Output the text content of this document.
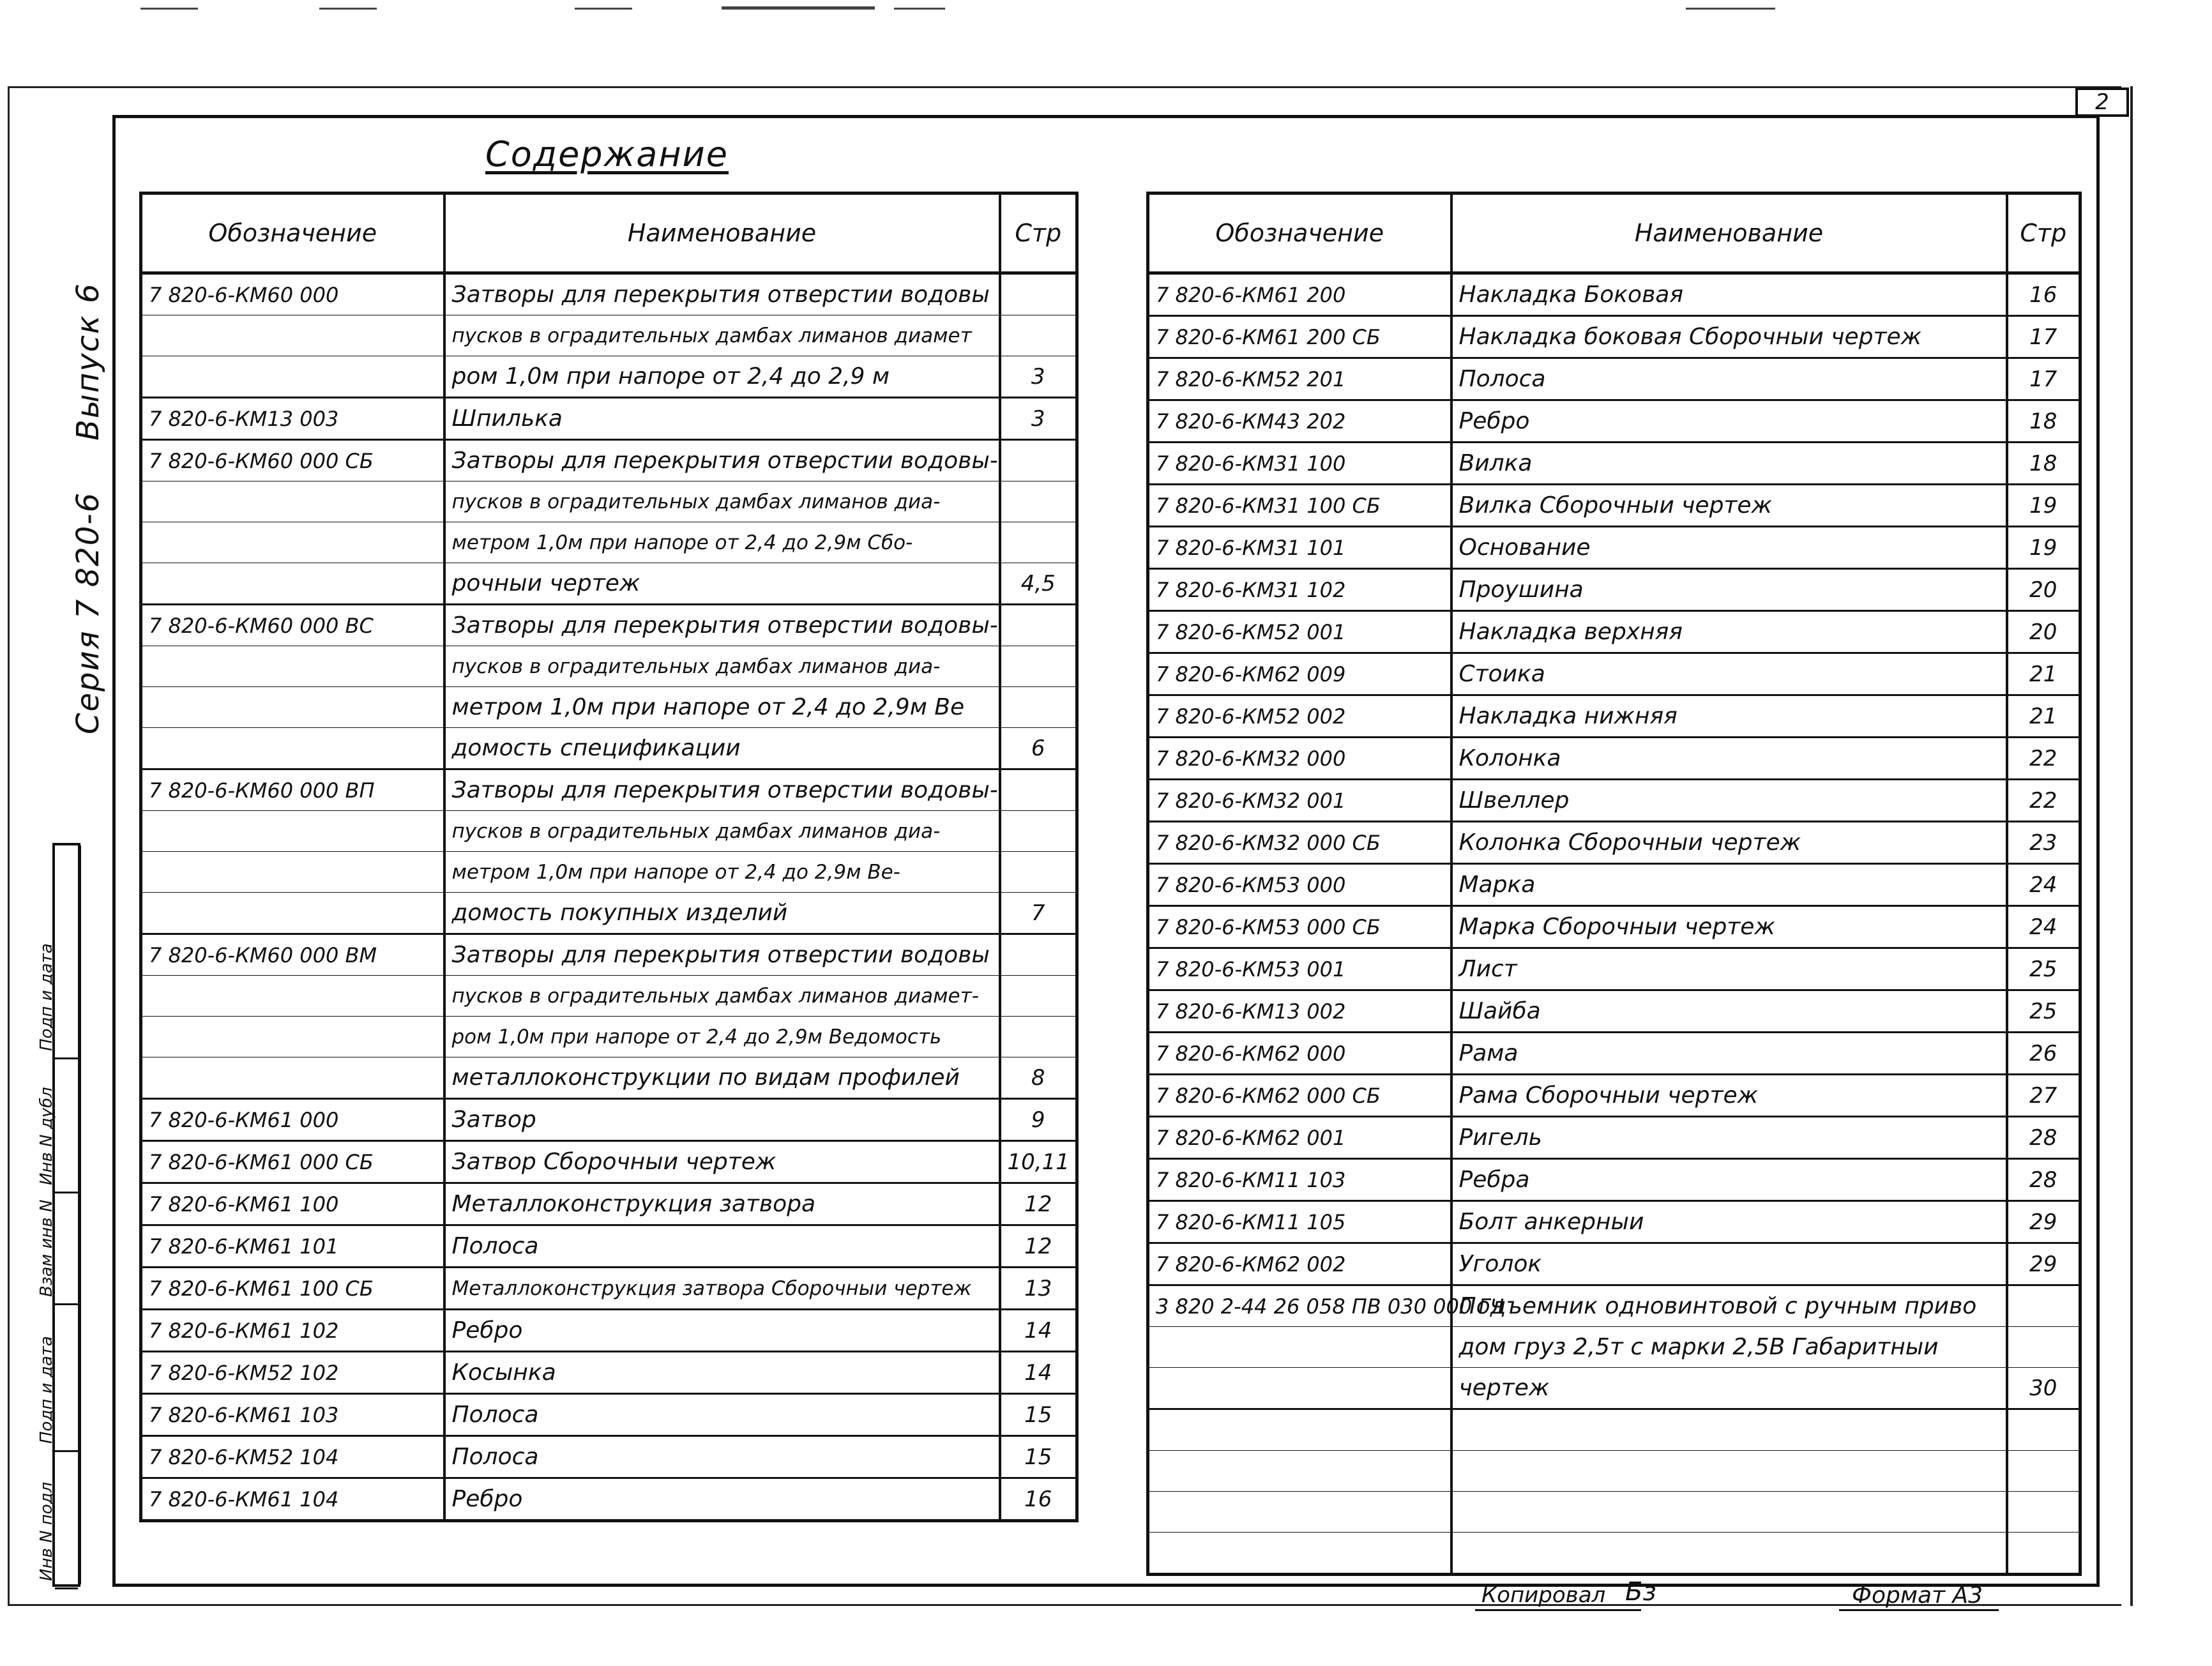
2
Содержание
Выпуск 6
Серия 7 820-6
Инв N подл
Подп и дата
Взам инв N
Инв N дубл
Подп и дата
Обозначение	Наименование	Стр
7 820-6-КМ60 000	Затворы для перекрытия отверстии водовы	
	пусков в оградительных дамбах лиманов диамет	
	ром 1,0м при напоре от 2,4 до 2,9 м	3
7 820-6-КМ13 003	Шпилька	3
7 820-6-КМ60 000 СБ	Затворы для перекрытия отверстии водовы-	
	пусков в оградительных дамбах лиманов диа-	
	метром 1,0м при напоре от 2,4 до 2,9м Сбо-	
	рочныи чертеж	4,5
7 820-6-КМ60 000 ВС	Затворы для перекрытия отверстии водовы-	
	пусков в оградительных дамбах лиманов диа-	
	метром 1,0м при напоре от 2,4 до 2,9м Ве	
	домость спецификации	6
7 820-6-КМ60 000 ВП	Затворы для перекрытия отверстии водовы-	
	пусков в оградительных дамбах лиманов диа-	
	метром 1,0м при напоре от 2,4 до 2,9м Ве-	
	домость покупных изделий	7
7 820-6-КМ60 000 ВМ	Затворы для перекрытия отверстии водовы	
	пусков в оградительных дамбах лиманов диамет-	
	ром 1,0м при напоре от 2,4 до 2,9м Ведомость	
	металлоконструкции по видам профилей	8
7 820-6-КМ61 000	Затвор	9
7 820-6-КМ61 000 СБ	Затвор Сборочныи чертеж	10,11
7 820-6-КМ61 100	Металлоконструкция затвора	12
7 820-6-КМ61 101	Полоса	12
7 820-6-КМ61 100 СБ	Металлоконструкция затвора Сборочныи чертеж	13
7 820-6-КМ61 102	Ребро	14
7 820-6-КМ52 102	Косынка	14
7 820-6-КМ61 103	Полоса	15
7 820-6-КМ52 104	Полоса	15
7 820-6-КМ61 104	Ребро	16
Обозначение	Наименование	Стр
7 820-6-КМ61 200	Накладка Боковая	16
7 820-6-КМ61 200 СБ	Накладка боковая Сборочныи чертеж	17
7 820-6-КМ52 201	Полоса	17
7 820-6-КМ43 202	Ребро	18
7 820-6-КМ31 100	Вилка	18
7 820-6-КМ31 100 СБ	Вилка Сборочныи чертеж	19
7 820-6-КМ31 101	Основание	19
7 820-6-КМ31 102	Проушина	20
7 820-6-КМ52 001	Накладка верхняя	20
7 820-6-КМ62 009	Стоика	21
7 820-6-КМ52 002	Накладка нижняя	21
7 820-6-КМ32 000	Колонка	22
7 820-6-КМ32 001	Швеллер	22
7 820-6-КМ32 000 СБ	Колонка Сборочныи чертеж	23
7 820-6-КМ53 000	Марка	24
7 820-6-КМ53 000 СБ	Марка Сборочныи чертеж	24
7 820-6-КМ53 001	Лист	25
7 820-6-КМ13 002	Шайба	25
7 820-6-КМ62 000	Рама	26
7 820-6-КМ62 000 СБ	Рама Сборочныи чертеж	27
7 820-6-КМ62 001	Ригель	28
7 820-6-КМ11 103	Ребра	28
7 820-6-КМ11 105	Болт анкерныи	29
7 820-6-КМ62 002	Уголок	29
3 820 2-44 26 058 ПВ 030 000 ГЧ	Подъемник одновинтовой с ручным приво	
	дом груз 2,5т с марки 2,5В Габаритныи	
	чертеж	30

Копировал Бз	Формат А3
